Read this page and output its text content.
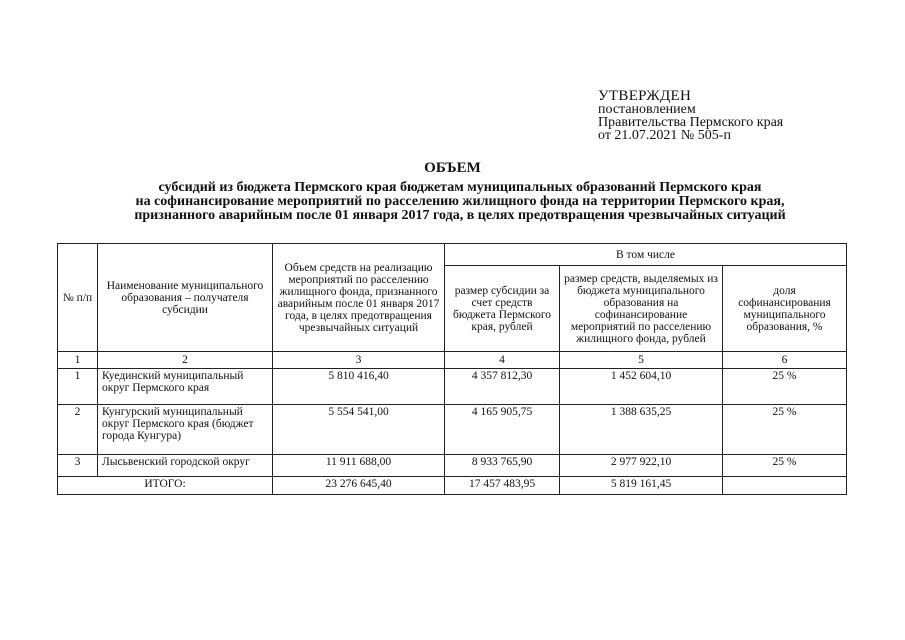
УТВЕРЖДЕН
постановлением
Правительства Пермского края
от 21.07.2021 № 505-п
ОБЪЕМ
субсидий из бюджета Пермского края бюджетам муниципальных образований Пермского края
на софинансирование мероприятий по расселению жилищного фонда на территории Пермского края,
признанного аварийным после 01 января 2017 года, в целях предотвращения чрезвычайных ситуаций
№ п/п	Наименование муниципального образования – получателя субсидии	Объем средств на реализацию мероприятий по расселению жилищного фонда, признанного аварийным после 01 января 2017 года, в целях предотвращения чрезвычайных ситуаций	В том числе		
			размер субсидии за счет средств бюджета Пермского края, рублей	размер средств, выделяемых из бюджета муниципального образования на софинансирование мероприятий по расселению жилищного фонда, рублей	доля софинансирования муниципального образования, %
1	2	3	4	5	6
1	Куединский муниципальный округ Пермского края	5 810 416,40	4 357 812,30	1 452 604,10	25 %
2	Кунгурский муниципальный округ Пермского края (бюджет города Кунгура)	5 554 541,00	4 165 905,75	1 388 635,25	25 %
3	Лысьвенский городской округ	11 911 688,00	8 933 765,90	2 977 922,10	25 %
ИТОГО:		23 276 645,40	17 457 483,95	5 819 161,45	
